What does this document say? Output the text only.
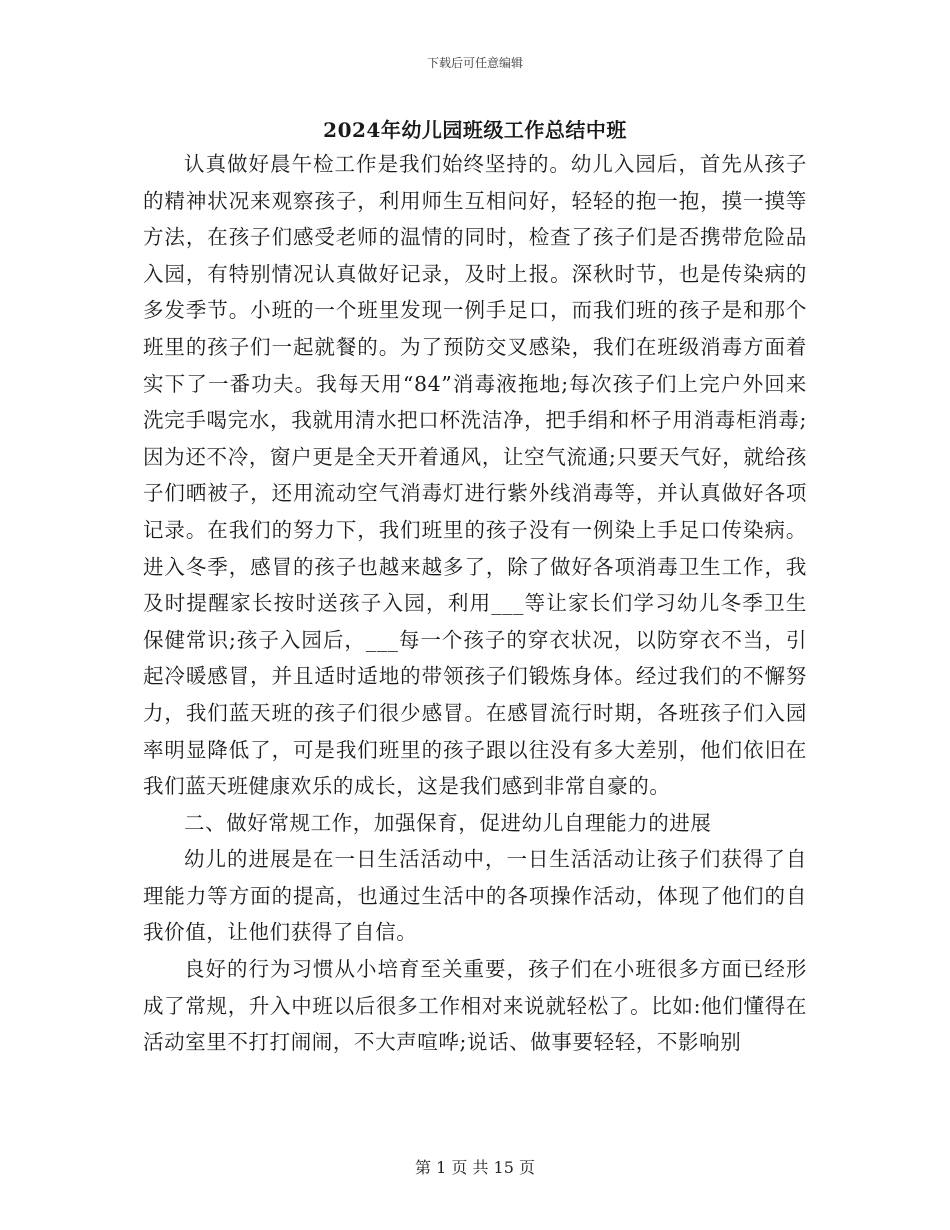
下载后可任意编辑
2024年幼儿园班级工作总结中班

认真做好晨午检工作是我们始终坚持的。幼儿入园后，首先从孩子的精神状况来观察孩子，利用师生互相问好，轻轻的抱一抱，摸一摸等方法，在孩子们感受老师的温情的同时，检查了孩子们是否携带危险品入园，有特别情况认真做好记录，及时上报。深秋时节，也是传染病的多发季节。小班的一个班里发现一例手足口，而我们班的孩子是和那个班里的孩子们一起就餐的。为了预防交叉感染，我们在班级消毒方面着实下了一番功夫。我每天用“84”消毒液拖地;每次孩子们上完户外回来洗完手喝完水，我就用清水把口杯洗洁净，把手绢和杯子用消毒柜消毒;因为还不冷，窗户更是全天开着通风，让空气流通;只要天气好，就给孩子们晒被子，还用流动空气消毒灯进行紫外线消毒等，并认真做好各项记录。在我们的努力下，我们班里的孩子没有一例染上手足口传染病。进入冬季，感冒的孩子也越来越多了，除了做好各项消毒卫生工作，我及时提醒家长按时送孩子入园，利用___等让家长们学习幼儿冬季卫生保健常识;孩子入园后，___每一个孩子的穿衣状况，以防穿衣不当，引起冷暖感冒，并且适时适地的带领孩子们锻炼身体。经过我们的不懈努力，我们蓝天班的孩子们很少感冒。在感冒流行时期，各班孩子们入园率明显降低了，可是我们班里的孩子跟以往没有多大差别，他们依旧在我们蓝天班健康欢乐的成长，这是我们感到非常自豪的。

二、做好常规工作，加强保育，促进幼儿自理能力的进展

幼儿的进展是在一日生活活动中，一日生活活动让孩子们获得了自理能力等方面的提高，也通过生活中的各项操作活动，体现了他们的自我价值，让他们获得了自信。

良好的行为习惯从小培育至关重要，孩子们在小班很多方面已经形成了常规，升入中班以后很多工作相对来说就轻松了。比如:他们懂得在活动室里不打打闹闹，不大声喧哗;说话、做事要轻轻，不影响别

第 1 页 共 15 页
